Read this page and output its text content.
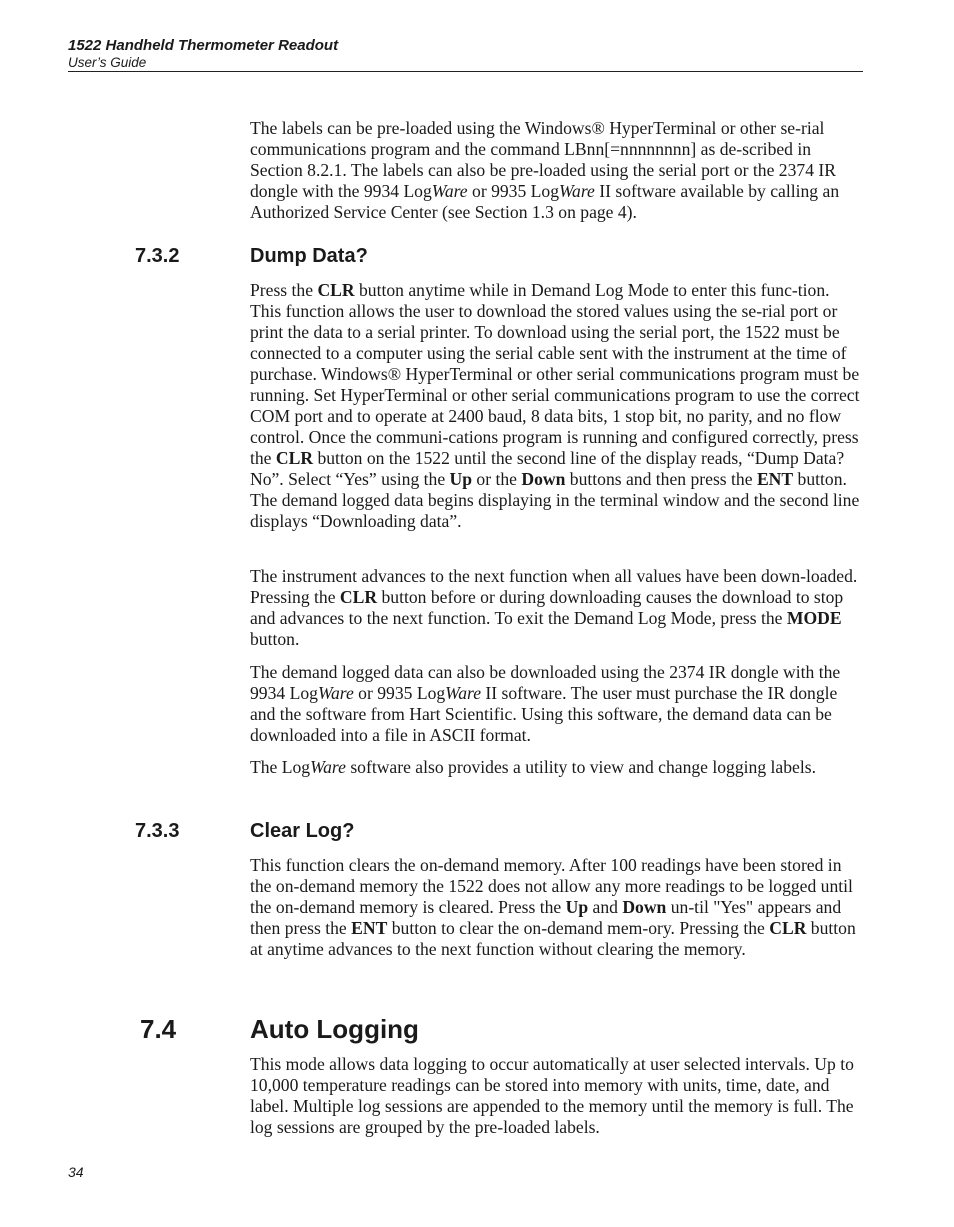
1522 Handheld Thermometer Readout
User’s Guide

The labels can be pre-loaded using the Windows® HyperTerminal or other se-rial communications program and the command LBnn[=nnnnnnnn] as de-scribed in Section 8.2.1. The labels can also be pre-loaded using the serial port or the 2374 IR dongle with the 9934 LogWare or 9935 LogWare II software available by calling an Authorized Service Center (see Section 1.3 on page 4).

7.3.2	Dump Data?

Press the CLR button anytime while in Demand Log Mode to enter this func-tion. This function allows the user to download the stored values using the se-rial port or print the data to a serial printer. To download using the serial port, the 1522 must be connected to a computer using the serial cable sent with the instrument at the time of purchase. Windows® HyperTerminal or other serial communications program must be running. Set HyperTerminal or other serial communications program to use the correct COM port and to operate at 2400 baud, 8 data bits, 1 stop bit, no parity, and no flow control. Once the communi-cations program is running and configured correctly, press the CLR button on the 1522 until the second line of the display reads, “Dump Data? No”. Select “Yes” using the Up or the Down buttons and then press the ENT button. The demand logged data begins displaying in the terminal window and the second line displays “Downloading data”.

The instrument advances to the next function when all values have been down-loaded. Pressing the CLR button before or during downloading causes the download to stop and advances to the next function. To exit the Demand Log Mode, press the MODE button.

The demand logged data can also be downloaded using the 2374 IR dongle with the 9934 LogWare or 9935 LogWare II software. The user must purchase the IR dongle and the software from Hart Scientific. Using this software, the demand data can be downloaded into a file in ASCII format.

The LogWare software also provides a utility to view and change logging labels.

7.3.3	Clear Log?

This function clears the on-demand memory. After 100 readings have been stored in the on-demand memory the 1522 does not allow any more readings to be logged until the on-demand memory is cleared. Press the Up and Down un-til "Yes" appears and then press the ENT button to clear the on-demand mem-ory. Pressing the CLR button at anytime advances to the next function without clearing the memory.

7.4	Auto Logging

This mode allows data logging to occur automatically at user selected intervals. Up to 10,000 temperature readings can be stored into memory with units, time, date, and label. Multiple log sessions are appended to the memory until the memory is full. The log sessions are grouped by the pre-loaded labels.

34
